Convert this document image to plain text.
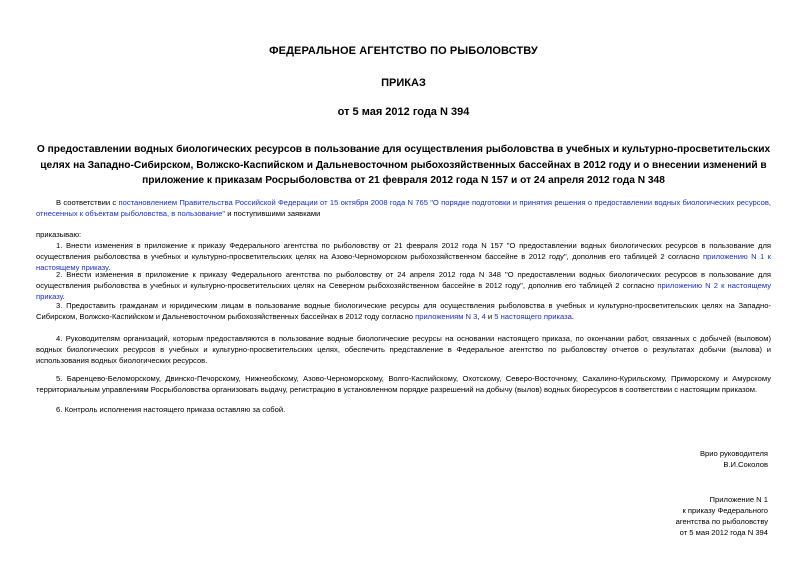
ФЕДЕРАЛЬНОЕ АГЕНТСТВО ПО РЫБОЛОВСТВУ
ПРИКАЗ
от 5 мая 2012 года N 394
О предоставлении водных биологических ресурсов в пользование для осуществления рыболовства в учебных и культурно-просветительских целях на Западно-Сибирском, Волжско-Каспийском и Дальневосточном рыбохозяйственных бассейнах в 2012 году и о внесении изменений в приложение к приказам Росрыболовства от 21 февраля 2012 года N 157 и от 24 апреля 2012 года N 348
В соответствии с постановлением Правительства Российской Федерации от 15 октября 2008 года N 765 "О порядке подготовки и принятия решения о предоставлении водных биологических ресурсов, отнесенных к объектам рыболовства, в пользование" и поступившими заявками
приказываю:
1. Внести изменения в приложение к приказу Федерального агентства по рыболовству от 21 февраля 2012 года N 157 "О предоставлении водных биологических ресурсов в пользование для осуществления рыболовства в учебных и культурно-просветительских целях на Азово-Черноморском рыбохозяйственном бассейне в 2012 году", дополнив его таблицей 2 согласно приложению N 1 к настоящему приказу.
2. Внести изменения в приложение к приказу Федерального агентства по рыболовству от 24 апреля 2012 года N 348 "О предоставлении водных биологических ресурсов в пользование для осуществления рыболовства в учебных и культурно-просветительских целях на Северном рыбохозяйственном бассейне в 2012 году", дополнив его таблицей 2 согласно приложению N 2 к настоящему приказу.
3. Предоставить гражданам и юридическим лицам в пользование водные биологические ресурсы для осуществления рыболовства в учебных и культурно-просветительских целях на Западно-Сибирском, Волжско-Каспийском и Дальневосточном рыбохозяйственных бассейнах в 2012 году согласно приложениям N 3, 4 и 5 настоящего приказа.
4. Руководителям организаций, которым предоставляются в пользование водные биологические ресурсы на основании настоящего приказа, по окончании работ, связанных с добычей (выловом) водных биологических ресурсов в учебных и культурно-просветительских целях, обеспечить представление в Федеральное агентство по рыболовству отчетов о результатах добычи (вылова) и использования водных биологических ресурсов.
5. Баренцево-Беломорскому, Двинско-Печорскому, Нижнеобскому, Азово-Черноморскому, Волго-Каспийскому, Охотскому, Северо-Восточному, Сахалино-Курильскому, Приморскому и Амурскому территориальным управлениям Росрыболовства организовать выдачу, регистрацию в установленном порядке разрешений на добычу (вылов) водных биоресурсов в соответствии с настоящим приказом.
6. Контроль исполнения настоящего приказа оставляю за собой.
Врио руководителя
В.И.Соколов
Приложение N 1
к приказу Федерального
агентства по рыболовству
от 5 мая 2012 года N 394
